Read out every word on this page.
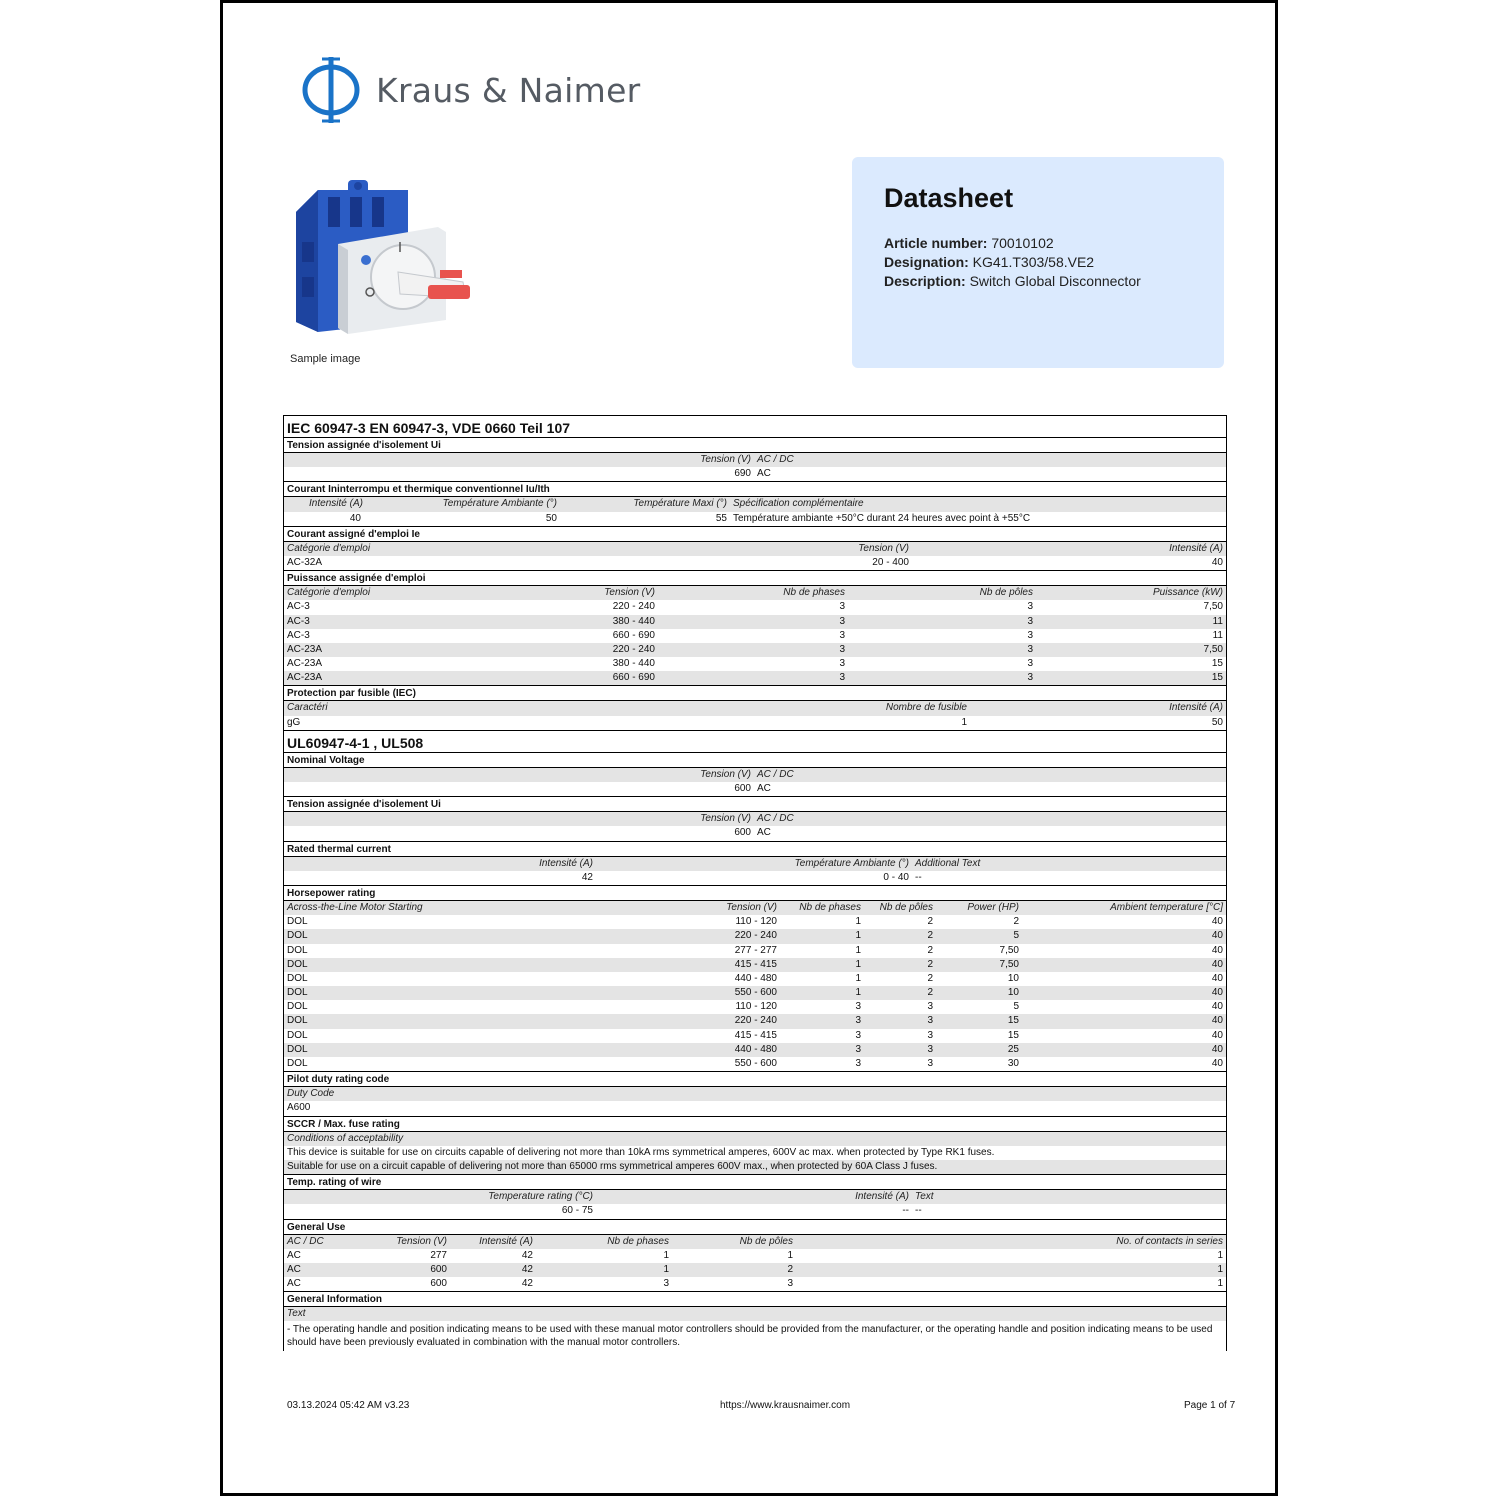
Kraus & Naimer
Sample image
Datasheet
Article number: 70010102
Designation: KG41.T303/58.VE2
Description: Switch Global Disconnector
IEC 60947-3 EN 60947-3, VDE 0660 Teil 107
Tension assignée d'isolement Ui
Tension (V) AC / DC
690 AC
Courant Ininterrompu et thermique conventionnel Iu/Ith
Intensité (A)	Température Ambiante (°)	Température Maxi (°) Spécification complémentaire
40	50	55 Température ambiante +50°C durant 24 heures avec point à +55°C
Courant assigné d'emploi Ie
Catégorie d'emploi	Tension (V)	Intensité (A)
AC-32A	20 - 400	40
Puissance assignée d'emploi
Catégorie d'emploi	Tension (V)	Nb de phases	Nb de pôles	Puissance (kW)
AC-3	220 - 240	3	3	7,50
AC-3	380 - 440	3	3	11
AC-3	660 - 690	3	3	11
AC-23A	220 - 240	3	3	7,50
AC-23A	380 - 440	3	3	15
AC-23A	660 - 690	3	3	15
Protection par fusible (IEC)
Caractéri	Nombre de fusible	Intensité (A)
gG	1	50
UL60947-4-1 , UL508
Nominal Voltage
Tension (V) AC / DC
600 AC
Tension assignée d'isolement Ui
Tension (V) AC / DC
600 AC
Rated thermal current
Intensité (A)	Température Ambiante (°) Additional Text
42	0 - 40 --
Horsepower rating
Across-the-Line Motor Starting	Tension (V)	Nb de phases	Nb de pôles	Power (HP)	Ambient temperature [°C]
DOL	110 - 120	1	2	2	40
DOL	220 - 240	1	2	5	40
DOL	277 - 277	1	2	7,50	40
DOL	415 - 415	1	2	7,50	40
DOL	440 - 480	1	2	10	40
DOL	550 - 600	1	2	10	40
DOL	110 - 120	3	3	5	40
DOL	220 - 240	3	3	15	40
DOL	415 - 415	3	3	15	40
DOL	440 - 480	3	3	25	40
DOL	550 - 600	3	3	30	40
Pilot duty rating code
Duty Code
A600
SCCR / Max. fuse rating
Conditions of acceptability
This device is suitable for use on circuits capable of delivering not more than 10kA rms symmetrical amperes, 600V ac max. when protected by Type RK1 fuses.
Suitable for use on a circuit capable of delivering not more than 65000 rms symmetrical amperes 600V max., when protected by 60A Class J fuses.
Temp. rating of wire
Temperature rating (°C)	Intensité (A) Text
60 - 75	-- --
General Use
AC / DC	Tension (V)	Intensité (A)	Nb de phases	Nb de pôles	No. of contacts in series
AC	277	42	1	1	1
AC	600	42	1	2	1
AC	600	42	3	3	1
General Information
Text
- The operating handle and position indicating means to be used with these manual motor controllers should be provided from the manufacturer, or the operating handle and position indicating means to be used should have been previously evaluated in combination with the manual motor controllers.
03.13.2024 05:42 AM v3.23	https://www.krausnaimer.com	Page 1 of 7
